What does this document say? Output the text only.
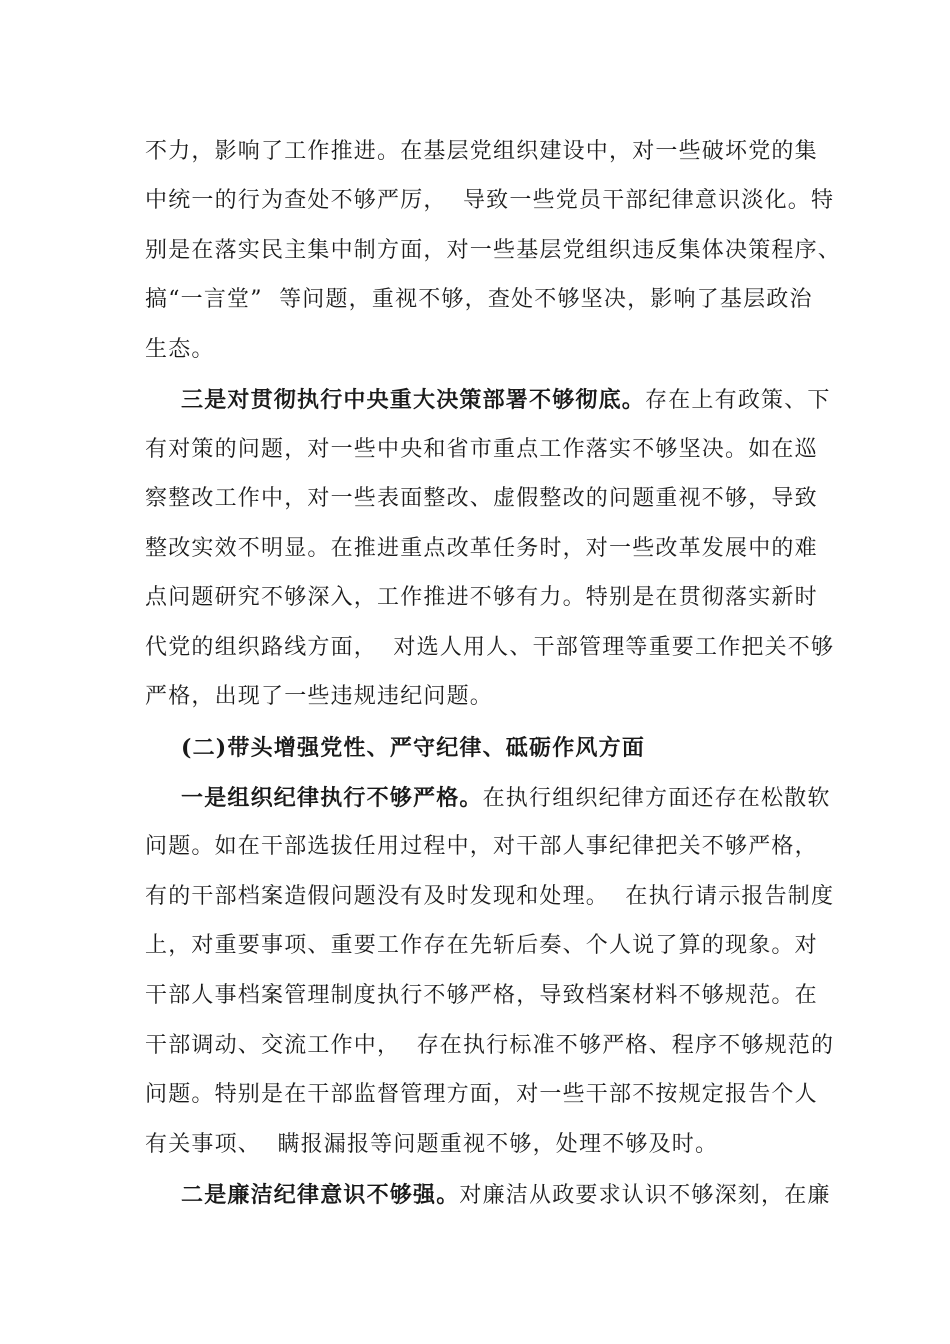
不力，影响了工作推进。在基层党组织建设中，对一些破坏党的集
中统一的行为查处不够严厉，  导致一些党员干部纪律意识淡化。特
别是在落实民主集中制方面，对一些基层党组织违反集体决策程序、
搞“一言堂”  等问题，重视不够，查处不够坚决，影响了基层政治
生态。
三是对贯彻执行中央重大决策部署不够彻底。存在上有政策、下
有对策的问题，对一些中央和省市重点工作落实不够坚决。如在巡
察整改工作中，对一些表面整改、虚假整改的问题重视不够，导致
整改实效不明显。在推进重点改革任务时，对一些改革发展中的难
点问题研究不够深入，工作推进不够有力。特别是在贯彻落实新时
代党的组织路线方面，  对选人用人、干部管理等重要工作把关不够
严格，出现了一些违规违纪问题。
(二)带头增强党性、严守纪律、砥砺作风方面
一是组织纪律执行不够严格。在执行组织纪律方面还存在松散软
问题。如在干部选拔任用过程中，对干部人事纪律把关不够严格，
有的干部档案造假问题没有及时发现和处理。  在执行请示报告制度
上，对重要事项、重要工作存在先斩后奏、个人说了算的现象。对
干部人事档案管理制度执行不够严格，导致档案材料不够规范。在
干部调动、交流工作中，  存在执行标准不够严格、程序不够规范的
问题。特别是在干部监督管理方面，对一些干部不按规定报告个人
有关事项、  瞒报漏报等问题重视不够，处理不够及时。
二是廉洁纪律意识不够强。对廉洁从政要求认识不够深刻，在廉
